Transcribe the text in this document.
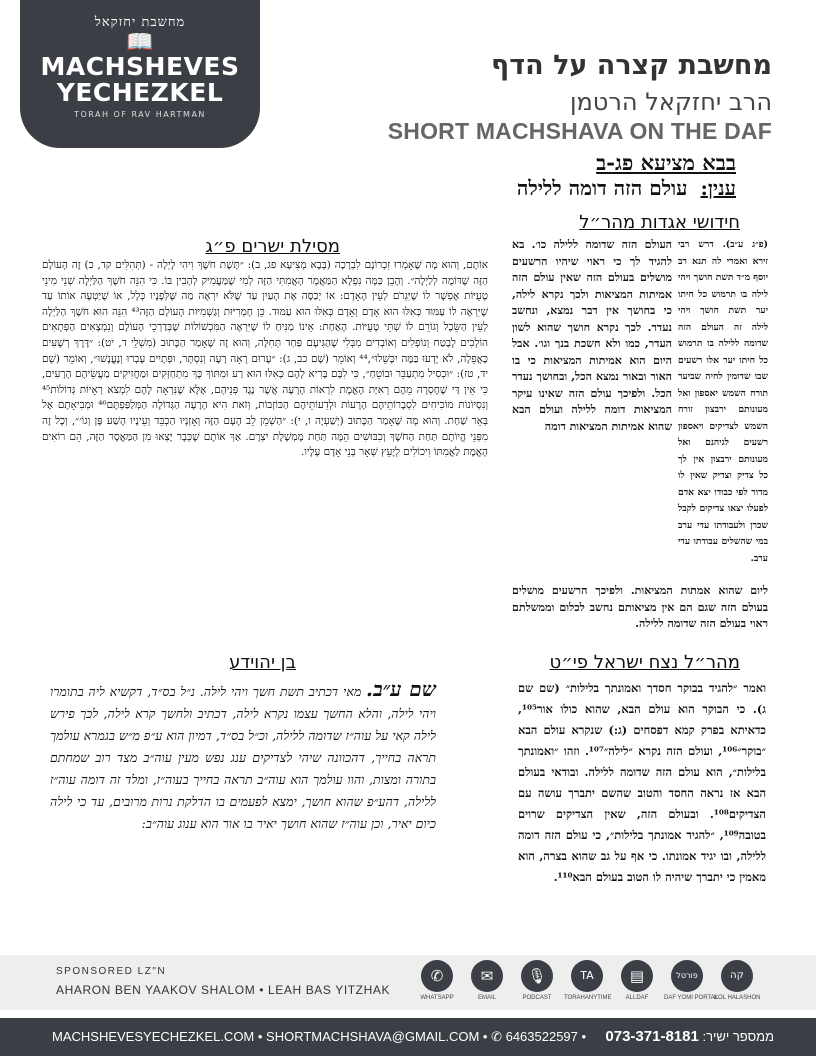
מחשבת יחזקאל
📖
MACHSHEVES
YECHEZKEL
TORAH OF RAV HARTMAN
מחשבת קצרה על הדף
הרב יחזקאל הרטמן
SHORT MACHSHAVA ON THE DAF
בבא מציעא פג-ב
ענין: עולם הזה דומה ללילה
חידושי אגדות מהר״ל
העולם הזה שדומה ללילה כו׳. בא להגיד לך כי ראוי שיהיו הרשעים מושלים בעולם הזה שאין עולם הזה אמיתות המציאות ולכך נקרא לילה, כי בחושך אין דבר נמצא, ונחשב נעדר. לכך נקרא חושך שהוא לשון העדר, כמו ולא חשכת בנך וגו׳. אבל היום הוא אמיתות המציאות כי בו האור ובאור נמצא הכל, ובחושך נעדר הכל. ולפיכך עולם הזה שאינו עיקר המציאות דומה ללילה ועולם הבא שהוא אמיתות המציאות דומה
(פ״ג ע״ב). דרש רבי זירא ואמרי לה תנא רב יוסף מ״ד תשת חושך ויהי לילה בו תרמוש כל חיתו יער תשת חושך ויהי לילה זה העולם הזה שדומה ללילה בו תרמוש כל חיתו יער אלו רשעים שבו שדומין לחיה שביער תורח השמש יאספון ואל מעונותם ירבצון זורח השמש לצדיקים ויאספון רשעים לגיהנם ואל מעונותם ירבצון אין לך כל צדיק וצדיק שאין לו מדור לפי כבודו יצא אדם לפעלו יצאו צדיקים לקבל שכרן ולעבודתו עדי ערב במי שהשלים עבודתו עדי ערב.
ליום שהוא אמתות המציאות. ולפיכך הרשעים מושלים בעולם הזה שגם הם אין מציאותם נחשב לכלום וממשלתם ראוי בעולם הזה שדומה ללילה.
מסילת ישרים פ״ג
אוֹתָם, וְהוּא מָה שֶׁאָמְרוּ זִכְרוֹנָם לִבְרָכָה (בָּבָא מְצִיעָא פג, ב): ״תָּשֶׁת חֹשֶׁךְ וִיהִי לָיְלָה - (תְּהִלִּים קד, כ) זֶה הָעוֹלָם הַזֶּה שֶׁדּוֹמֶה לְלַיְלָה״. וְהָבֵן כַּמָּה נִפְלָא הַמַּאֲמָר הָאֲמִתִּי הַזֶּה לְמִי שֶׁמַּעֲמִיק לְהָבִין בּוֹ. כִּי הִנֵּה חֹשֶׁךְ הַלַּיְלָה שְׁנֵי מִינֵי טָעֻיּוֹת אֶפְשָׁר לוֹ שֶׁיִּגְרֹם לְעֵין הָאָדָם: אוֹ יְכַסֶּה אֶת הָעַיִן עַד שֶׁלֹּא יִרְאֶה מַה שֶּׁלְּפָנָיו כְּלָל, אוֹ שֶׁיַּטְעֶה אוֹתוֹ עַד שֶׁיִּרְאֶה לוֹ עַמּוּד כְּאִלּוּ הוּא אָדָם וְאָדָם כְּאִלּוּ הוּא עַמּוּד. כֵּן חָמְרִיּוּת וְגַשְׁמִיּוּת הָעוֹלָם הַזֶּה⁴³ הִנֵּה הוּא חֹשֶׁךְ הַלַּיְלָה לְעֵין הַשֵּׂכֶל וְגוֹרֵם לוֹ שְׁתֵּי טָעֻיּוֹת. הָאַחַת: אֵינוֹ מַנִּיחַ לוֹ שֶׁיִּרְאֶה הַמִּכְשׁוֹלוֹת שֶׁבְּדַרְכֵי הָעוֹלָם וְנִמְצָאִים הַפְּתָאִים הוֹלְכִים לָבֶטַח וְנוֹפְלִים וְאוֹבְדִים מִבְּלִי שֶׁהַגִּיעָם פַּחַד תְּחִלָּה, וְהוּא זֶה שֶׁאָמַר הַכָּתוּב (מִשְׁלֵי ד, יט): ״דֶּרֶךְ רְשָׁעִים כָּאֲפֵלָה, לֹא יָדְעוּ בַּמֶּה יִכָּשֵׁלוּ״,⁴⁴ וְאוֹמֵר (שָׁם כב, ג): ״עָרוּם רָאָה רָעָה וְנִסְתָּר, וּפְתָיִים עָבְרוּ וְנֶעֱנָשׁוּ״, וְאוֹמֵר (שָׁם יד, טז): ״וּכְסִיל מִתְעַבֵּר וּבוֹטֵחַ״, כִּי לִבָּם בָּרִיא לָהֶם כְּאִלּוּ הוּא רַע וּמִתּוֹךְ כָּךְ מִתְחַזְּקִים וּמַחֲזִיקִים מַעֲשֵׂיהֶם הָרָעִים, כִּי אֵין דַּי שֶׁחֶסְרָה מֵהֶם רְאִיַּת הָאֱמֶת לִרְאוֹת הָרָעָה אֲשֶׁר נֶגֶד פְּנֵיהֶם, אֶלָּא שֶׁנִּרְאָה לָהֶם לִמְצֹא רְאָיוֹת גְּדוֹלוֹת⁴⁵ וְנִסְיוֹנוֹת מוֹכִיחִים לִסְבָרוֹתֵיהֶם הָרָעוֹת וּלְדֵעוֹתֵיהֶם הַכּוֹזְבוֹת, וְזֹאת הִיא הָרָעָה הַגְּדוֹלָה הַמְּלַפַּפְתָּם⁴⁶ וּמְבִיאָתָם אֶל בְּאֵר שַׁחַת. וְהוּא מָה שֶׁאָמַר הַכָּתוּב (יְשַׁעְיָה ו, י): ״הַשְׁמֵן לֵב הָעָם הַזֶּה וְאָזְנָיו הַכְבֵּד וְעֵינָיו הָשַׁע פֶּן וְגוֹ׳״, וְכָל זֶה מִפְּנֵי הֱיוֹתָם תַּחַת הַחֹשֶׁךְ וְכִבּוּשִׁים הֵמָּה תַּחַת מֶמְשֶׁלֶת יִצְרָם. אַךְ אוֹתָם שֶׁכְּבָר יָצְאוּ מִן הַמַּאֲסָר הַזֶּה, הֵם רוֹאִים הָאֱמֶת לַאֲמִתּוֹ וִיכוֹלִים לְיָעֵץ שְׁאָר בְּנֵי אָדָם עָלָיו.
בן יהוידע
שם ע״ב. מאי דכתיב תשת חשך ויהי לילה. נ״ל בס״ד, דקשיא ליה בתומרו ויהי לילה, והלא החשך עצמו נקרא לילה, דכתיב ולחשך קרא לילה, לכך פירש לילה קאי על עוה״ז שדומה ללילה, וכ״ל בס״ד, דמיון הוא ע״פ מ״ש בגמרא עולמך תראה בחייך, דהכוונה שיהי לצדיקים ענג נפש מעין עוה״ב מצד רוב שמחתם בתורה ומצות, והוו עולמך הוא עוה״ב תראה בחייך בעוה״ז, ומלד זה דומה עוה״ז ללילה, דהע״פ שהוא חושך, ימצא לפעמים בו הדלקת נרות מרובים, עד כי לילה כיום יאיר, וכן עוה״ז שהוא חושך יאיר בו אור הוא ענוג עוה״ב:
מהר״ל נצח ישראל פי״ט
ואמר ״להגיד בבוקר חסדך ואמונתך בלילות״ (שם שם ג). כי הבוקר הוא עולם הבא, שהוא כולו אור¹⁰⁵, כדאיתא בפרק קמא דפסחים (ג:) שנקרא עולם הבא ״בוקר״¹⁰⁶, ועולם הזה נקרא ״לילה״¹⁰⁷. וזהו ״ואמונתך בלילות״, הוא עולם הזה שדומה ללילה. ובודאי בעולם הבא אז נראה החסד והטוב שהשם יתברך עושה עם הצדיקים¹⁰⁸. ובעולם הזה, שאין הצדיקים שרוים בטובה¹⁰⁹, ״להגיד אמונתך בלילות״, כי עולם הזה דומה ללילה, ובו יגיד אמונתו. כי אף על גב שהוא בצרה, הוא מאמין כי יתברך שיהיה לו הטוב בעולם הבא¹¹⁰.
SPONSORED LZ"N
AHARON BEN YAAKOV SHALOM • LEAH BAS YITZHAK
✆
WHATSAPP
✉
EMAIL
🎙
PODCAST
TA
TORAHANYTIME
▤
ALLDAF
פורטל
DAF YOMI PORTAL
קה
KOL HALASHON
MACHSHEVESYECHEZKEL.COM • SHORTMACHSHAVA@GMAIL.COM • ✆ 6463522597 •	ממספר ישיר: 073-371-8181
